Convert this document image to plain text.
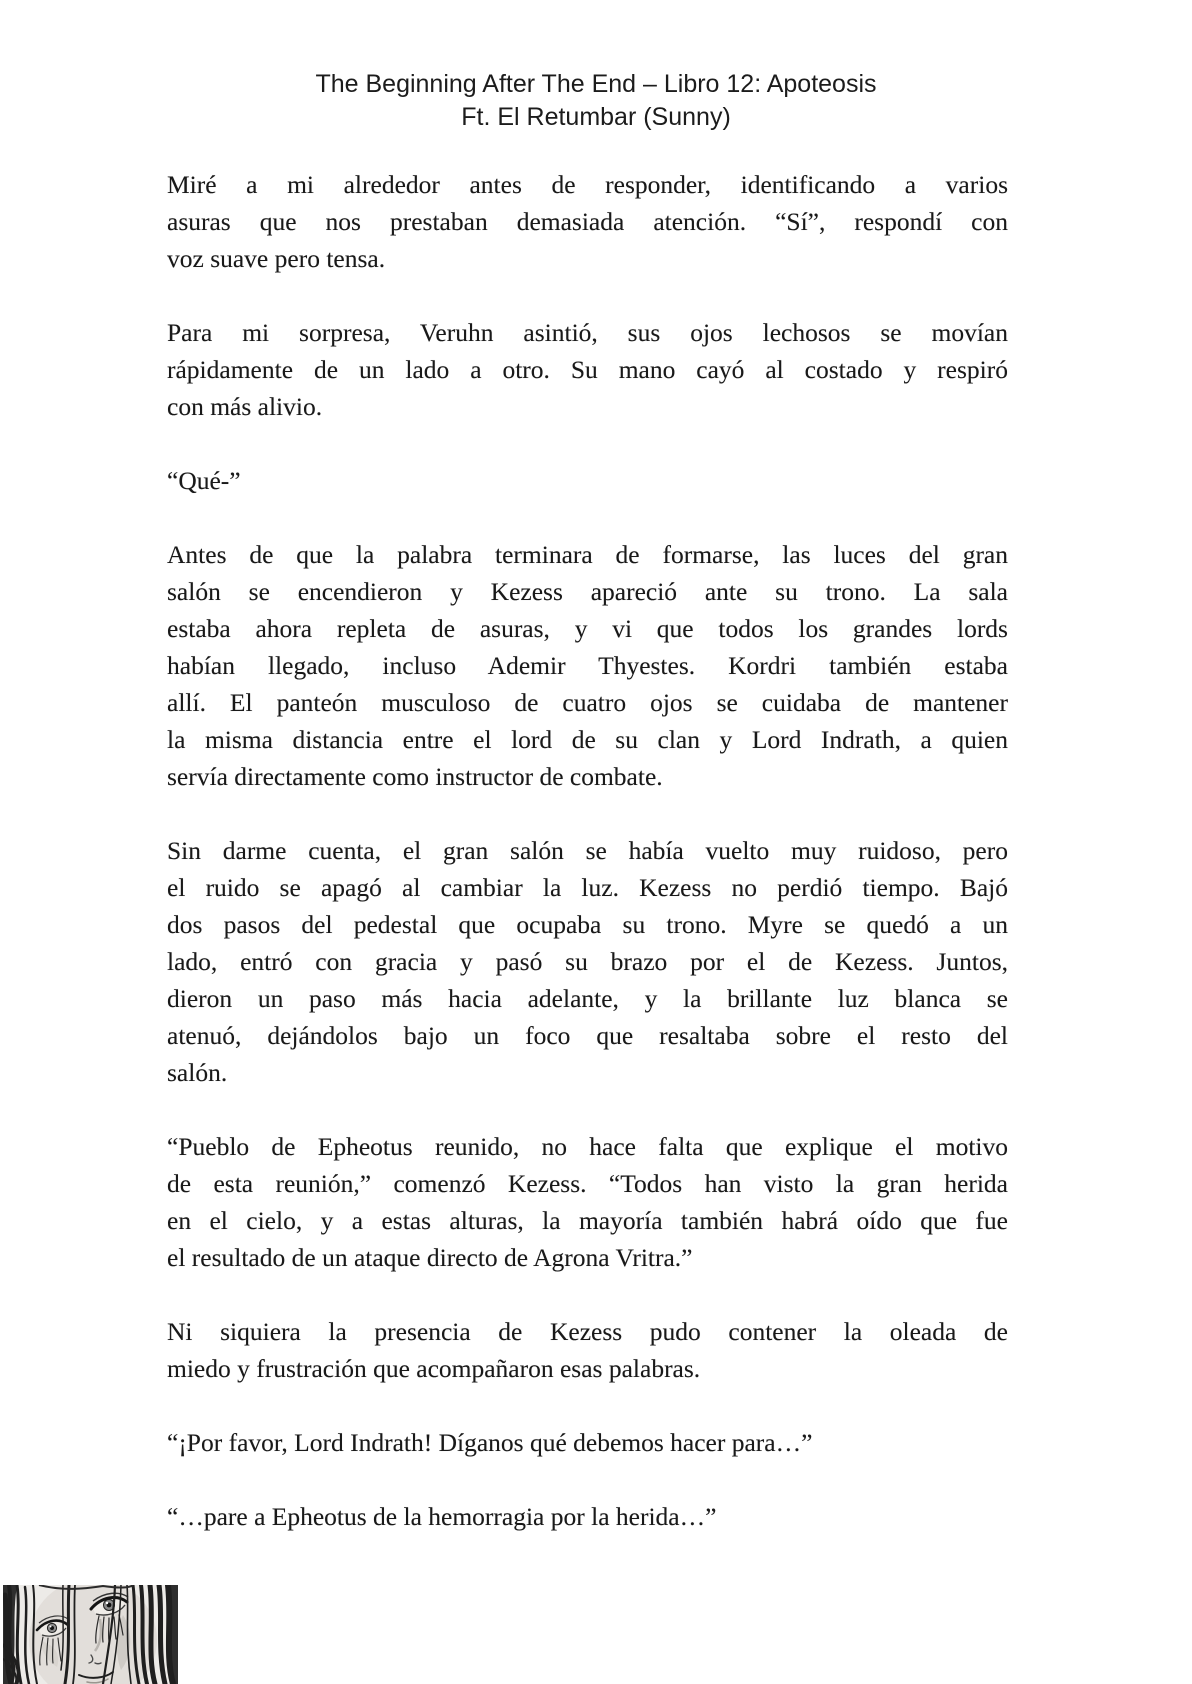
The Beginning After The End – Libro 12: Apoteosis
Ft. El Retumbar (Sunny)
Miré a mi alrededor antes de responder, identificando a varios
asuras que nos prestaban demasiada atención. “Sí”, respondí con
voz suave pero tensa.
Para mi sorpresa, Veruhn asintió, sus ojos lechosos se movían
rápidamente de un lado a otro. Su mano cayó al costado y respiró
con más alivio.
“Qué-”
Antes de que la palabra terminara de formarse, las luces del gran
salón se encendieron y Kezess apareció ante su trono. La sala
estaba ahora repleta de asuras, y vi que todos los grandes lords
habían llegado, incluso Ademir Thyestes. Kordri también estaba
allí. El panteón musculoso de cuatro ojos se cuidaba de mantener
la misma distancia entre el lord de su clan y Lord Indrath, a quien
servía directamente como instructor de combate.
Sin darme cuenta, el gran salón se había vuelto muy ruidoso, pero
el ruido se apagó al cambiar la luz. Kezess no perdió tiempo. Bajó
dos pasos del pedestal que ocupaba su trono. Myre se quedó a un
lado, entró con gracia y pasó su brazo por el de Kezess. Juntos,
dieron un paso más hacia adelante, y la brillante luz blanca se
atenuó, dejándolos bajo un foco que resaltaba sobre el resto del
salón.
“Pueblo de Epheotus reunido, no hace falta que explique el motivo
de esta reunión,” comenzó Kezess. “Todos han visto la gran herida
en el cielo, y a estas alturas, la mayoría también habrá oído que fue
el resultado de un ataque directo de Agrona Vritra.”
Ni siquiera la presencia de Kezess pudo contener la oleada de
miedo y frustración que acompañaron esas palabras.
“¡Por favor, Lord Indrath! Díganos qué debemos hacer para…”
“…pare a Epheotus de la hemorragia por la herida…”
